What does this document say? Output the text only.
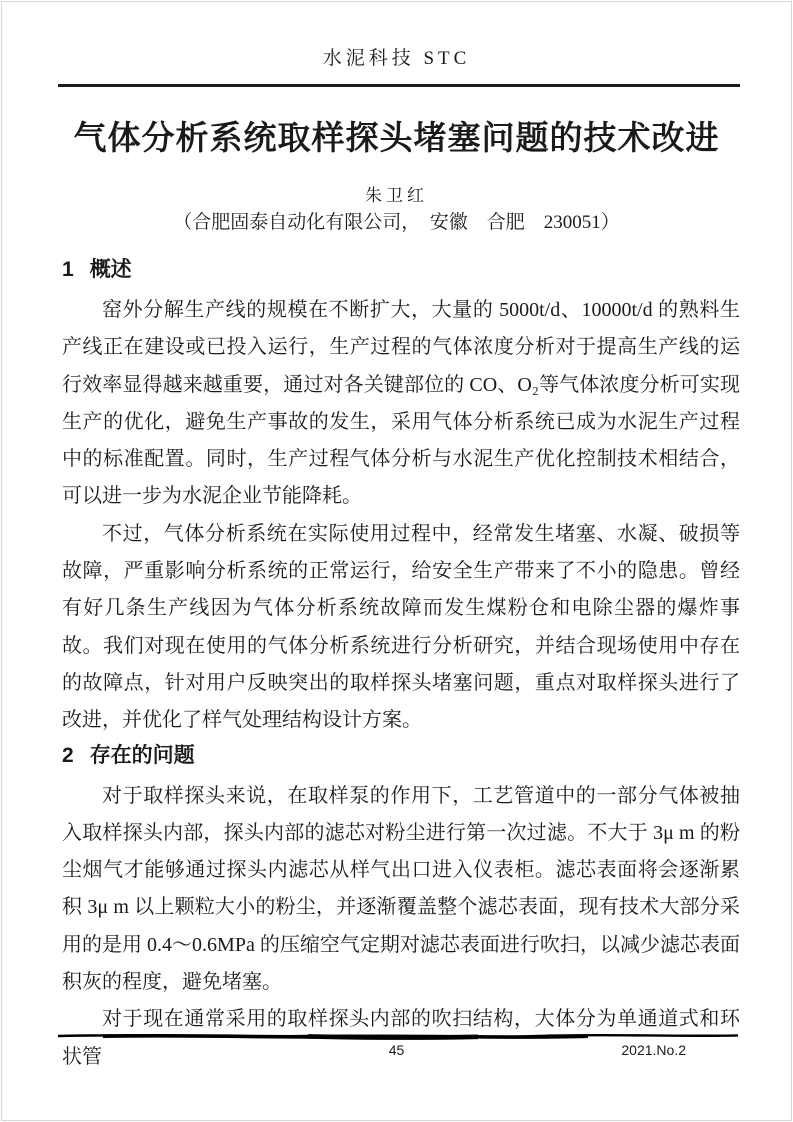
水泥科技 STC
气体分析系统取样探头堵塞问题的技术改进
朱卫红
（合肥固泰自动化有限公司，　安徽　合肥　230051）
1 概述

窑外分解生产线的规模在不断扩大，大量的 5000t/d、10000t/d 的熟料生产线正在建设或已投入运行，生产过程的气体浓度分析对于提高生产线的运行效率显得越来越重要，通过对各关键部位的 CO、O₂等气体浓度分析可实现生产的优化，避免生产事故的发生，采用气体分析系统已成为水泥生产过程中的标准配置。同时，生产过程气体分析与水泥生产优化控制技术相结合，可以进一步为水泥企业节能降耗。

不过，气体分析系统在实际使用过程中，经常发生堵塞、水凝、破损等故障，严重影响分析系统的正常运行，给安全生产带来了不小的隐患。曾经有好几条生产线因为气体分析系统故障而发生煤粉仓和电除尘器的爆炸事故。我们对现在使用的气体分析系统进行分析研究，并结合现场使用中存在的故障点，针对用户反映突出的取样探头堵塞问题，重点对取样探头进行了改进，并优化了样气处理结构设计方案。

2 存在的问题

对于取样探头来说，在取样泵的作用下，工艺管道中的一部分气体被抽入取样探头内部，探头内部的滤芯对粉尘进行第一次过滤。不大于 3μ m 的粉尘烟气才能够通过探头内滤芯从样气出口进入仪表柜。滤芯表面将会逐渐累积 3μ m 以上颗粒大小的粉尘，并逐渐覆盖整个滤芯表面，现有技术大部分采用的是用 0.4～0.6MPa 的压缩空气定期对滤芯表面进行吹扫，以减少滤芯表面积灰的程度，避免堵塞。

对于现在通常采用的取样探头内部的吹扫结构，大体分为单通道式和环状管	45	2021.No.2
